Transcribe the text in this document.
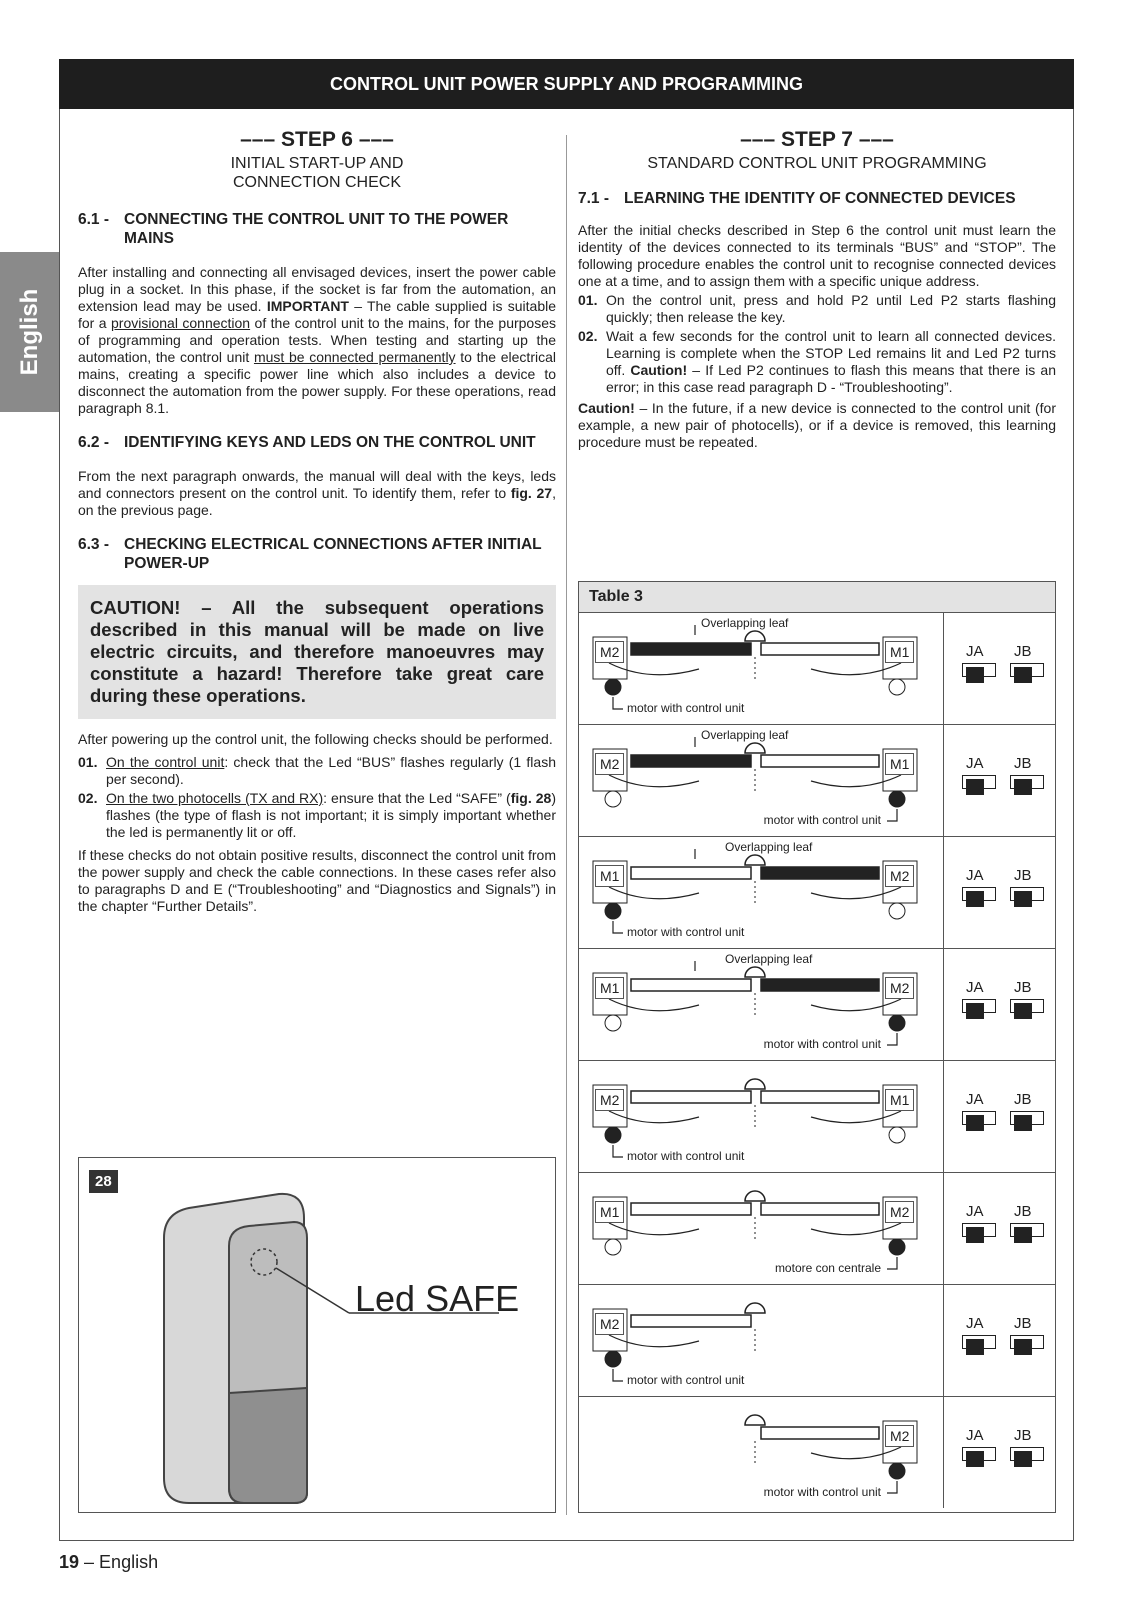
English
CONTROL UNIT POWER SUPPLY AND PROGRAMMING
––– STEP 6 –––
INITIAL START-UP AND
CONNECTION CHECK
6.1 - CONNECTING THE CONTROL UNIT TO THE POWER MAINS

After installing and connecting all envisaged devices, insert the power cable plug in a socket. In this phase, if the socket is far from the automation, an extension lead may be used. IMPORTANT – The cable supplied is suitable for a provisional connection of the control unit to the mains, for the purposes of programming and operation tests. When testing and starting up the automation, the control unit must be connected permanently to the electrical mains, creating a specific power line which also includes a device to disconnect the automation from the power supply. For these operations, read paragraph 8.1.

6.2 - IDENTIFYING KEYS AND LEDS ON THE CONTROL UNIT

From the next paragraph onwards, the manual will deal with the keys, leds and connectors present on the control unit. To identify them, refer to fig. 27, on the previous page.

6.3 - CHECKING ELECTRICAL CONNECTIONS AFTER INITIAL POWER-UP
CAUTION! – All the subsequent operations described in this manual will be made on live electric circuits, and therefore manoeuvres may constitute a hazard! Therefore take great care during these operations.

After powering up the control unit, the following checks should be performed.

01. On the control unit: check that the Led “BUS” flashes regularly (1 flash per second).
02. On the two photocells (TX and RX): ensure that the Led “SAFE” (fig. 28) flashes (the type of flash is not important; it is simply important whether the led is permanently lit or off.

If these checks do not obtain positive results, disconnect the control unit from the power supply and check the cable connections. In these cases refer also to paragraphs D and E (“Troubleshooting” and “Diagnostics and Signals”) in the chapter “Further Details”.

28
Led SAFE
––– STEP 7 –––
STANDARD CONTROL UNIT PROGRAMMING
7.1 - LEARNING THE IDENTITY OF CONNECTED DEVICES

After the initial checks described in Step 6 the control unit must learn the identity of the devices connected to its terminals “BUS” and “STOP”. The following procedure enables the control unit to recognise connected devices one at a time, and to assign them with a specific unique address.

01. On the control unit, press and hold P2 until Led P2 starts flashing quickly; then release the key.
02. Wait a few seconds for the control unit to learn all connected devices. Learning is complete when the STOP Led remains lit and Led P2 turns off. Caution! – If Led P2 continues to flash this means that there is an error; in this case read paragraph D - “Troubleshooting”.

Caution! – In the future, if a new device is connected to the control unit (for example, a new pair of photocells), or if a device is removed, this learning procedure must be repeated.

Table 3
M2	M1
Overlapping leaf
motor with control unit
JA JB
M2	M1
Overlapping leaf
motor with control unit
JA JB
M1	M2
Overlapping leaf
motor with control unit
JA JB
M1	M2
Overlapping leaf
motor with control unit
JA JB
M2	M1
motor with control unit
JA JB
M1	M2
motore con centrale
JA JB
M2
motor with control unit
JA JB
M2
motor with control unit
JA JB
19 – English
